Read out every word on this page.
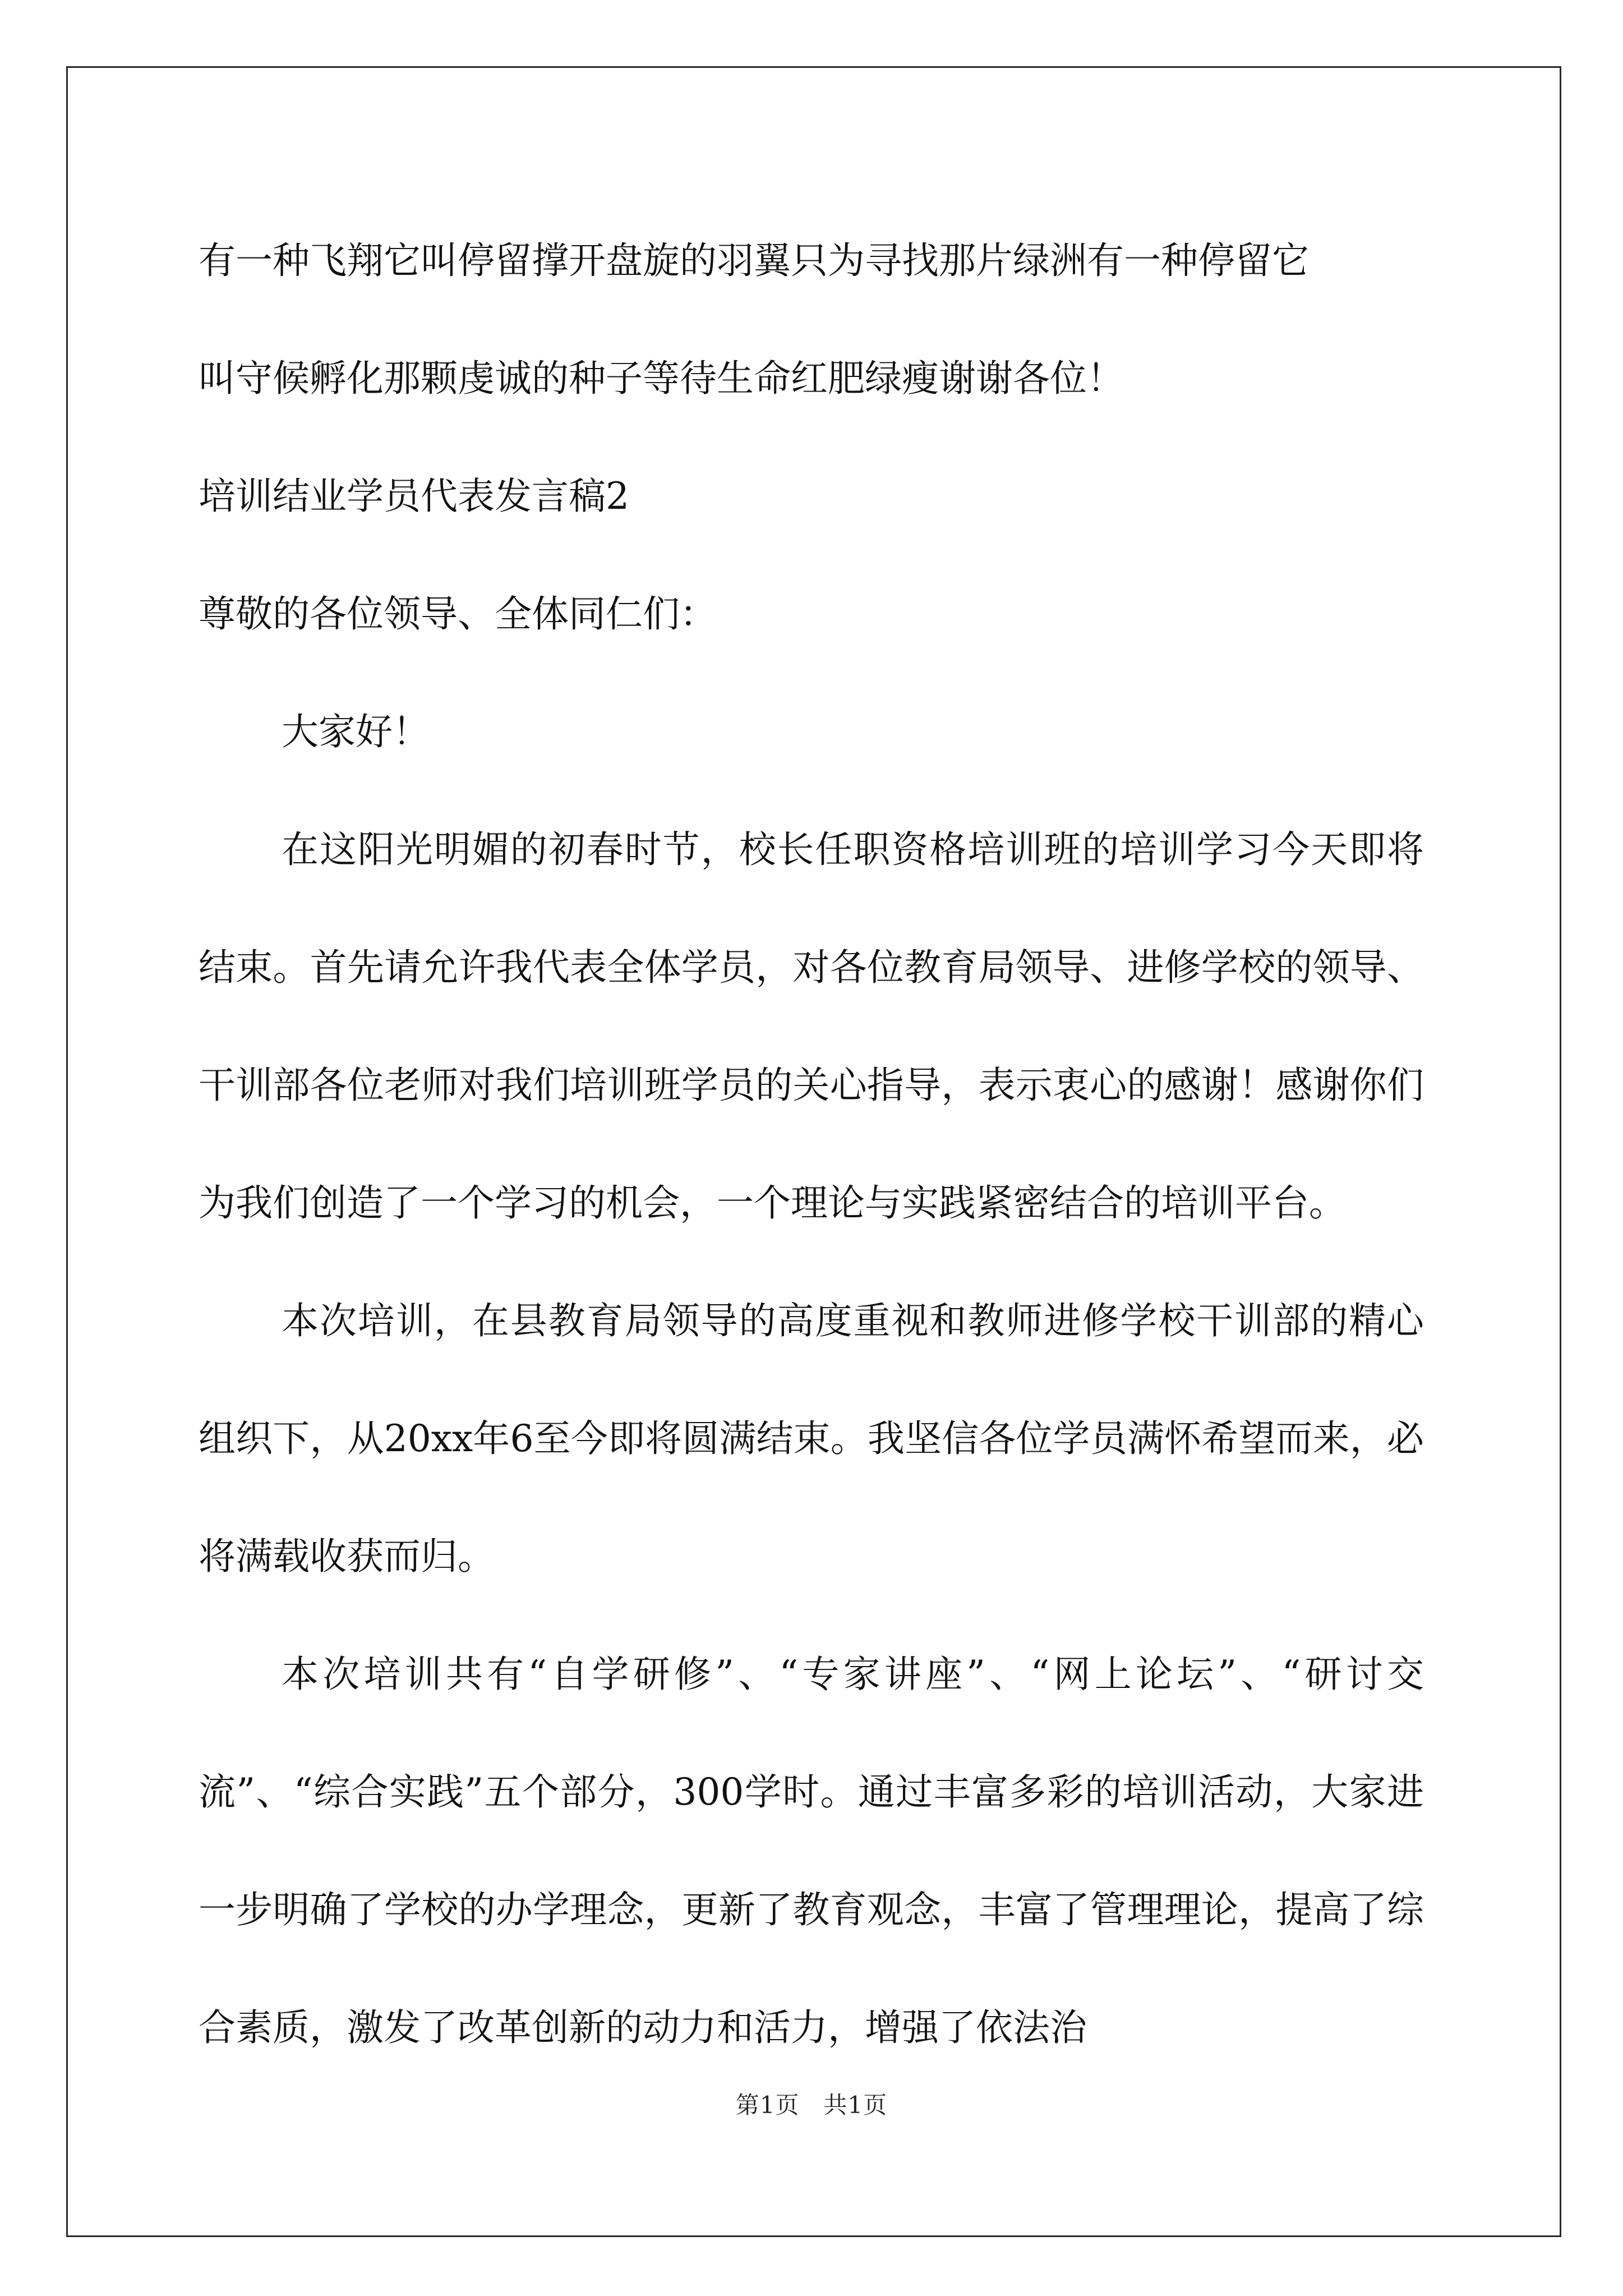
有一种飞翔它叫停留撑开盘旋的羽翼只为寻找那片绿洲有一种停留它

叫守候孵化那颗虔诚的种子等待生命红肥绿瘦谢谢各位！

培训结业学员代表发言稿2

尊敬的各位领导、全体同仁们：

大家好！

在这阳光明媚的初春时节，校长任职资格培训班的培训学习今天即将结束。首先请允许我代表全体学员，对各位教育局领导、进修学校的领导、干训部各位老师对我们培训班学员的关心指导，表示衷心的感谢！感谢你们为我们创造了一个学习的机会，一个理论与实践紧密结合的培训平台。

本次培训，在县教育局领导的高度重视和教师进修学校干训部的精心组织下，从20xx年6至今即将圆满结束。我坚信各位学员满怀希望而来，必将满载收获而归。

本次培训共有“自学研修”、“专家讲座”、“网上论坛”、“研讨交流”、“综合实践”五个部分，300学时。通过丰富多彩的培训活动，大家进一步明确了学校的办学理念，更新了教育观念，丰富了管理理论，提高了综合素质，激发了改革创新的动力和活力，增强了依法治

第1页　共1页
